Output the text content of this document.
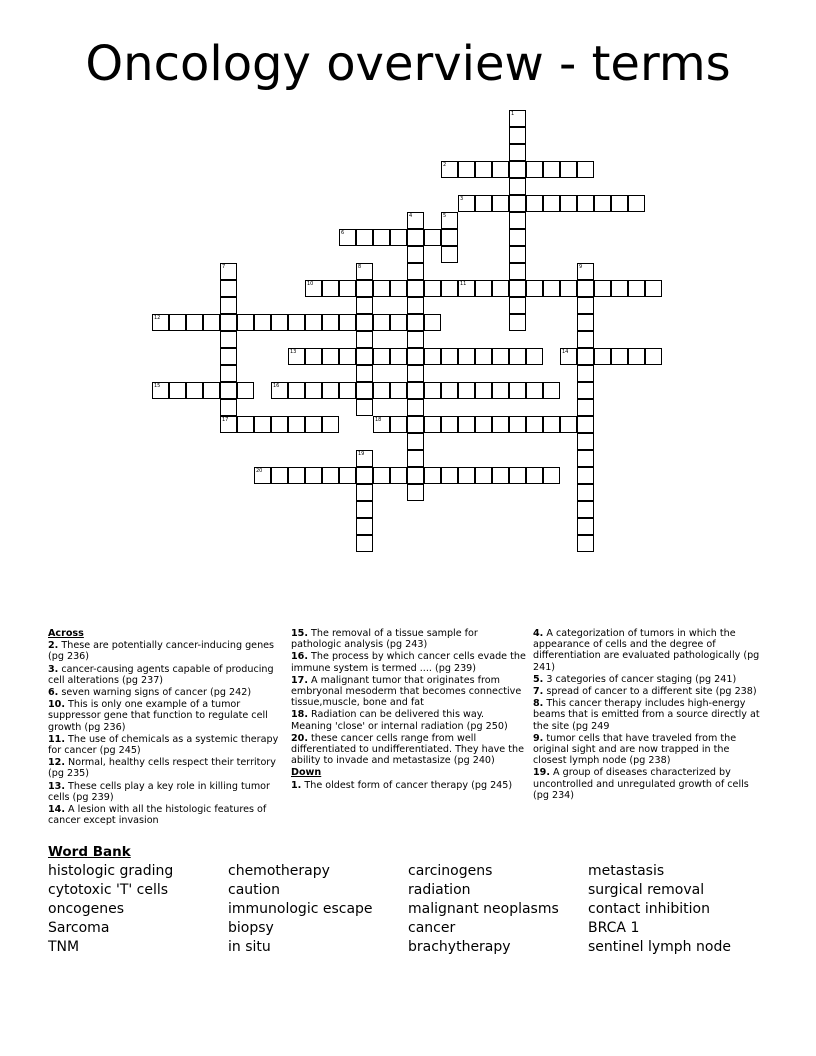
Oncology overview - terms
1
2
3
4	5
6
7
17
8	9
10	11
12
13	14
15	16
18
19
20
Across
2. These are potentially cancer-inducing genes (pg 236)
3. cancer-causing agents capable of producing cell alterations (pg 237)
6. seven warning signs of cancer (pg 242)
10. This is only one example of a tumor suppressor gene that function to regulate cell growth (pg 236)
11. The use of chemicals as a systemic therapy for cancer (pg 245)
12. Normal, healthy cells respect their territory (pg 235)
13. These cells play a key role in killing tumor cells (pg 239)
14. A lesion with all the histologic features of cancer except invasion
15. The removal of a tissue sample for pathologic analysis (pg 243)
16. The process by which cancer cells evade the immune system is termed .... (pg 239)
17. A malignant tumor that originates from embryonal mesoderm that becomes connective tissue,muscle, bone and fat
18. Radiation can be delivered this way. Meaning 'close' or internal radiation (pg 250)
20. these cancer cells range from well differentiated to undifferentiated. They have the ability to invade and metastasize (pg 240)
Down
1. The oldest form of cancer therapy (pg 245)
4. A categorization of tumors in which the appearance of cells and the degree of differentiation are evaluated pathologically (pg 241)
5. 3 categories of cancer staging (pg 241)
7. spread of cancer to a different site (pg 238)
8. This cancer therapy includes high-energy beams that is emitted from a source directly at the site (pg 249
9. tumor cells that have traveled from the original sight and are now trapped in the closest lymph node (pg 238)
19. A group of diseases characterized by uncontrolled and unregulated growth of cells (pg 234)
Word Bank
histologic grading	chemotherapy	carcinogens	metastasis
cytotoxic 'T' cells	caution	radiation	surgical removal
oncogenes	immunologic escape	malignant neoplasms	contact inhibition
Sarcoma	biopsy	cancer	BRCA 1
TNM	in situ	brachytherapy	sentinel lymph node
